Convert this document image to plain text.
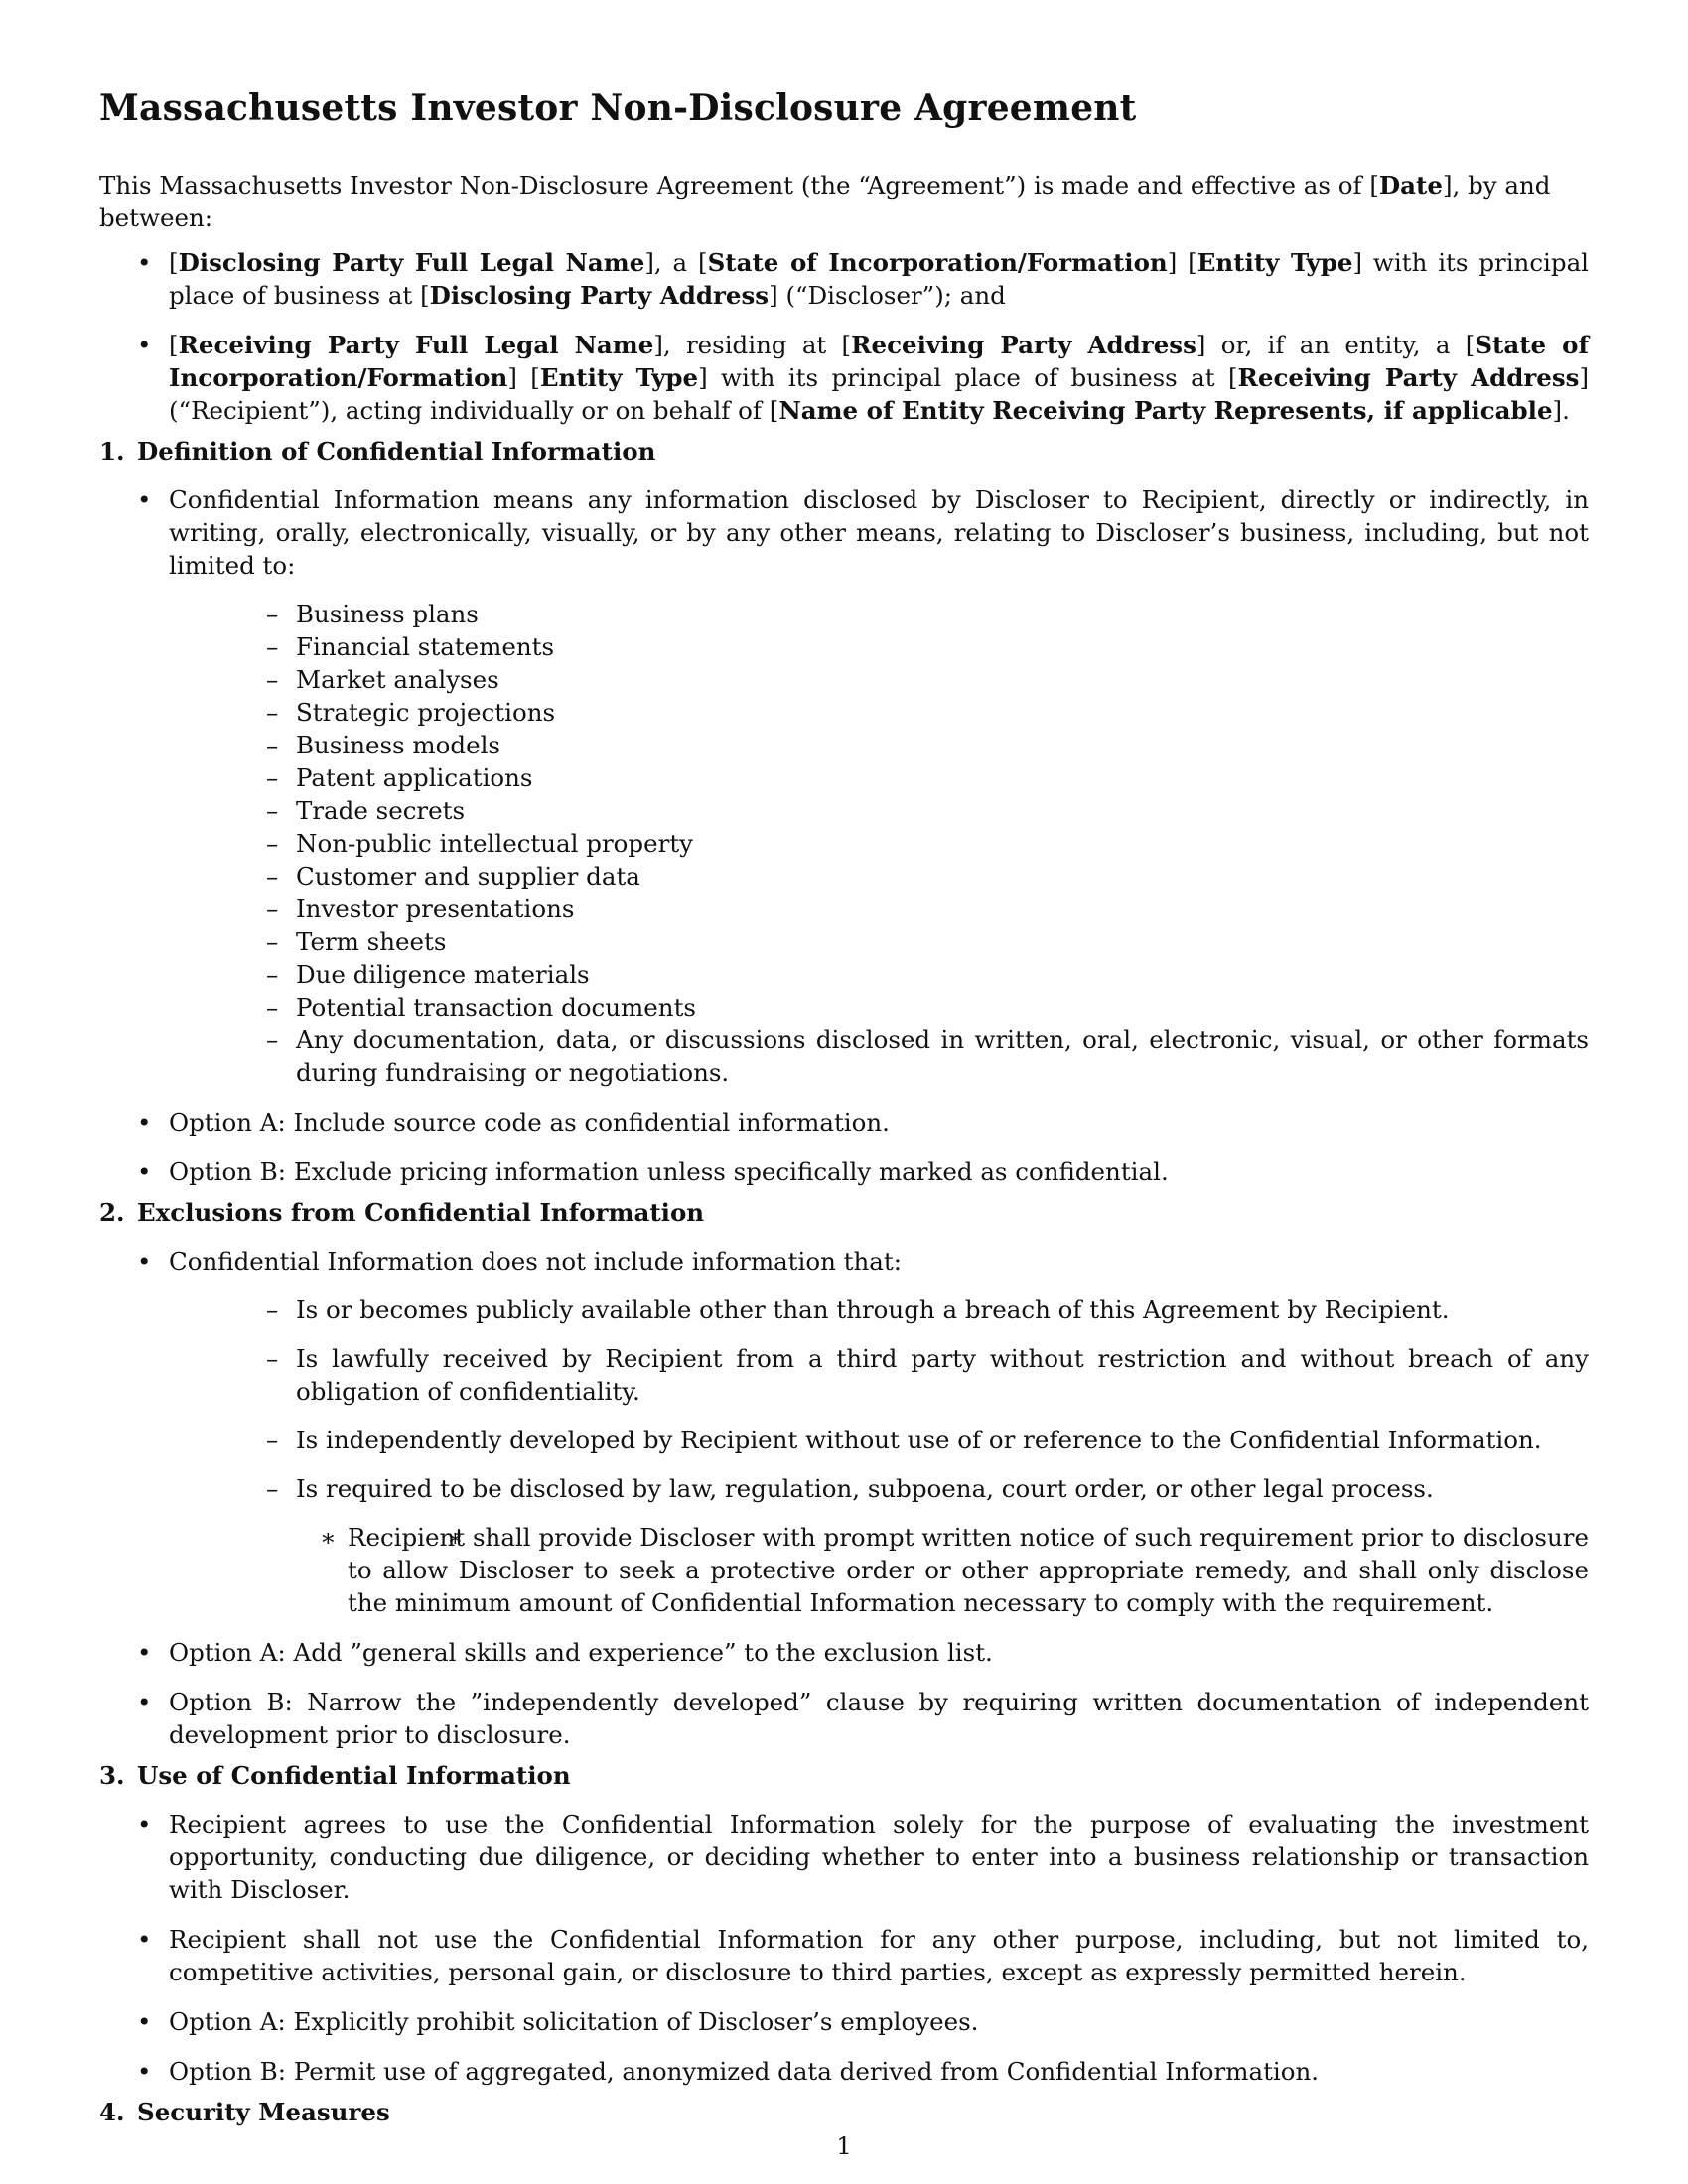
Massachusetts Investor Non-Disclosure Agreement

This Massachusetts Investor Non-Disclosure Agreement (the “Agreement”) is made and effective as of [Date], by and between:

• [Disclosing Party Full Legal Name], a [State of Incorporation/Formation] [Entity Type] with its principal place of business at [Disclosing Party Address] (“Discloser”); and
• [Receiving Party Full Legal Name], residing at [Receiving Party Address] or, if an entity, a [State of Incorporation/Formation] [Entity Type] with its principal place of business at [Receiving Party Address] (“Recipient”), acting individually or on behalf of [Name of Entity Receiving Party Represents, if applicable].

1. Definition of Confidential Information

• Confidential Information means any information disclosed by Discloser to Recipient, directly or indirectly, in writing, orally, electronically, visually, or by any other means, relating to Discloser’s business, including, but not limited to:
– Business plans
– Financial statements
– Market analyses
– Strategic projections
– Business models
– Patent applications
– Trade secrets
– Non-public intellectual property
– Customer and supplier data
– Investor presentations
– Term sheets
– Due diligence materials
– Potential transaction documents
– Any documentation, data, or discussions disclosed in written, oral, electronic, visual, or other formats during fundraising or negotiations.
• Option A: Include source code as confidential information.
• Option B: Exclude pricing information unless specifically marked as confidential.

2. Exclusions from Confidential Information

• Confidential Information does not include information that:
– Is or becomes publicly available other than through a breach of this Agreement by Recipient.
– Is lawfully received by Recipient from a third party without restriction and without breach of any obligation of confidentiality.
– Is independently developed by Recipient without use of or reference to the Confidential Information.
– Is required to be disclosed by law, regulation, subpoena, court order, or other legal process.
∗ ∗ Recipient shall provide Discloser with prompt written notice of such requirement prior to disclosure to allow Discloser to seek a protective order or other appropriate remedy, and shall only disclose the minimum amount of Confidential Information necessary to comply with the requirement.
• Option A: Add ”general skills and experience” to the exclusion list.
• Option B: Narrow the ”independently developed” clause by requiring written documentation of independent development prior to disclosure.

3. Use of Confidential Information

• Recipient agrees to use the Confidential Information solely for the purpose of evaluating the investment opportunity, conducting due diligence, or deciding whether to enter into a business relationship or transaction with Discloser.
• Recipient shall not use the Confidential Information for any other purpose, including, but not limited to, competitive activities, personal gain, or disclosure to third parties, except as expressly permitted herein.
• Option A: Explicitly prohibit solicitation of Discloser’s employees.
• Option B: Permit use of aggregated, anonymized data derived from Confidential Information.

4. Security Measures

1
